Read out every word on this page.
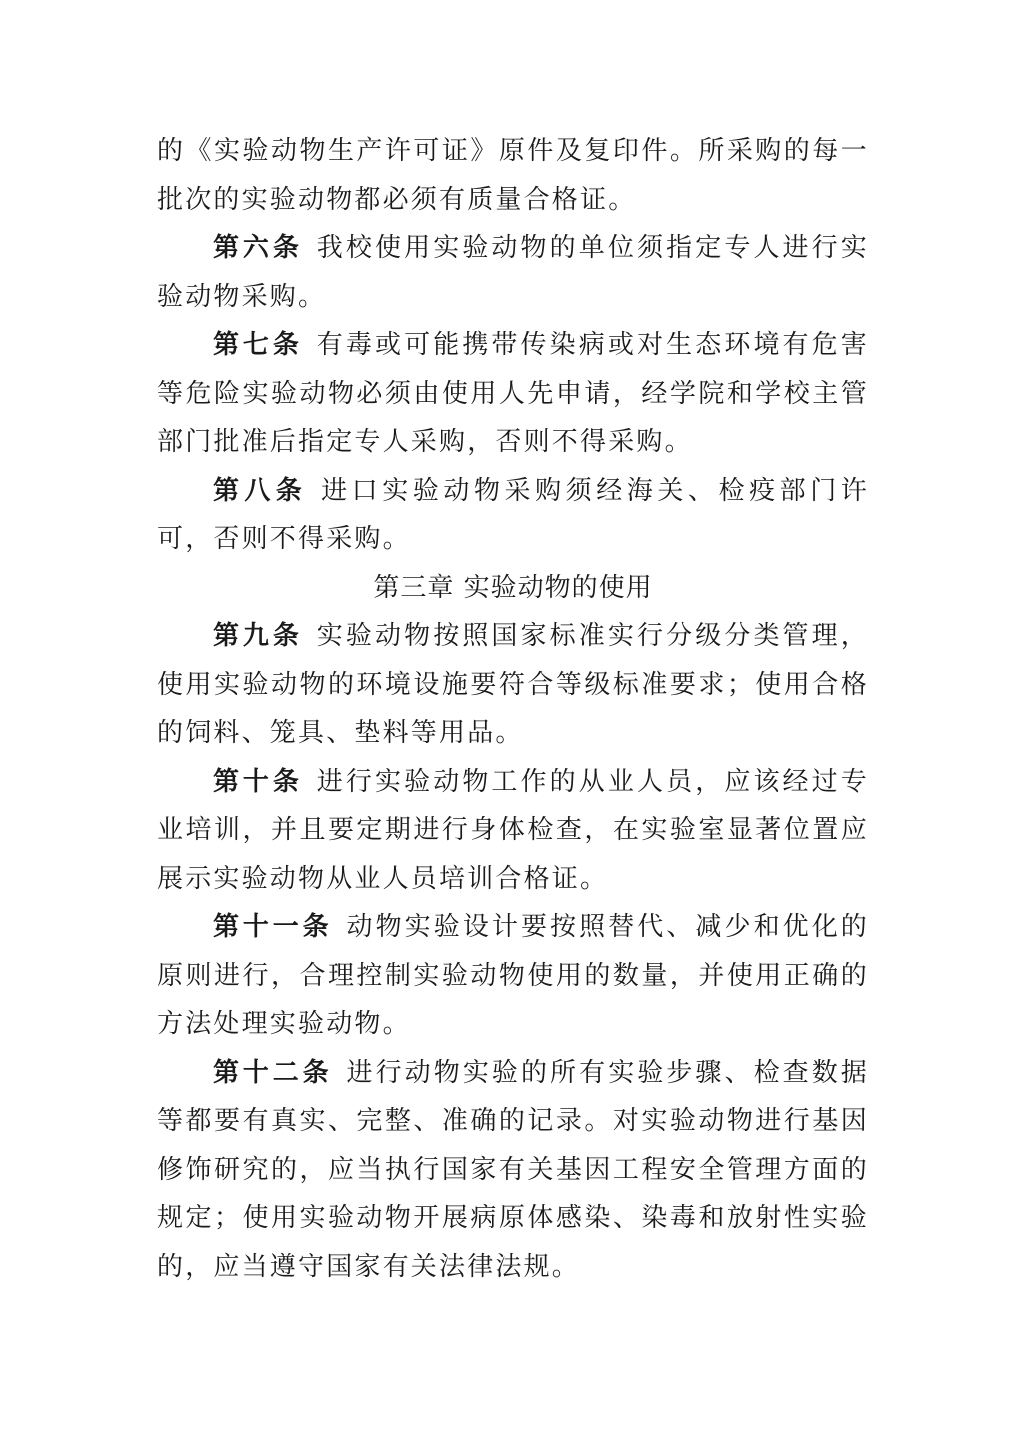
的《实验动物生产许可证》原件及复印件。所采购的每一批次的实验动物都必须有质量合格证。

第六条 我校使用实验动物的单位须指定专人进行实验动物采购。

第七条 有毒或可能携带传染病或对生态环境有危害等危险实验动物必须由使用人先申请，经学院和学校主管部门批准后指定专人采购，否则不得采购。

第八条 进口实验动物采购须经海关、检疫部门许可，否则不得采购。

第三章 实验动物的使用

第九条 实验动物按照国家标准实行分级分类管理，使用实验动物的环境设施要符合等级标准要求；使用合格的饲料、笼具、垫料等用品。

第十条 进行实验动物工作的从业人员，应该经过专业培训，并且要定期进行身体检查，在实验室显著位置应展示实验动物从业人员培训合格证。

第十一条 动物实验设计要按照替代、减少和优化的原则进行，合理控制实验动物使用的数量，并使用正确的方法处理实验动物。

第十二条 进行动物实验的所有实验步骤、检查数据等都要有真实、完整、准确的记录。对实验动物进行基因修饰研究的，应当执行国家有关基因工程安全管理方面的规定；使用实验动物开展病原体感染、染毒和放射性实验的，应当遵守国家有关法律法规。
